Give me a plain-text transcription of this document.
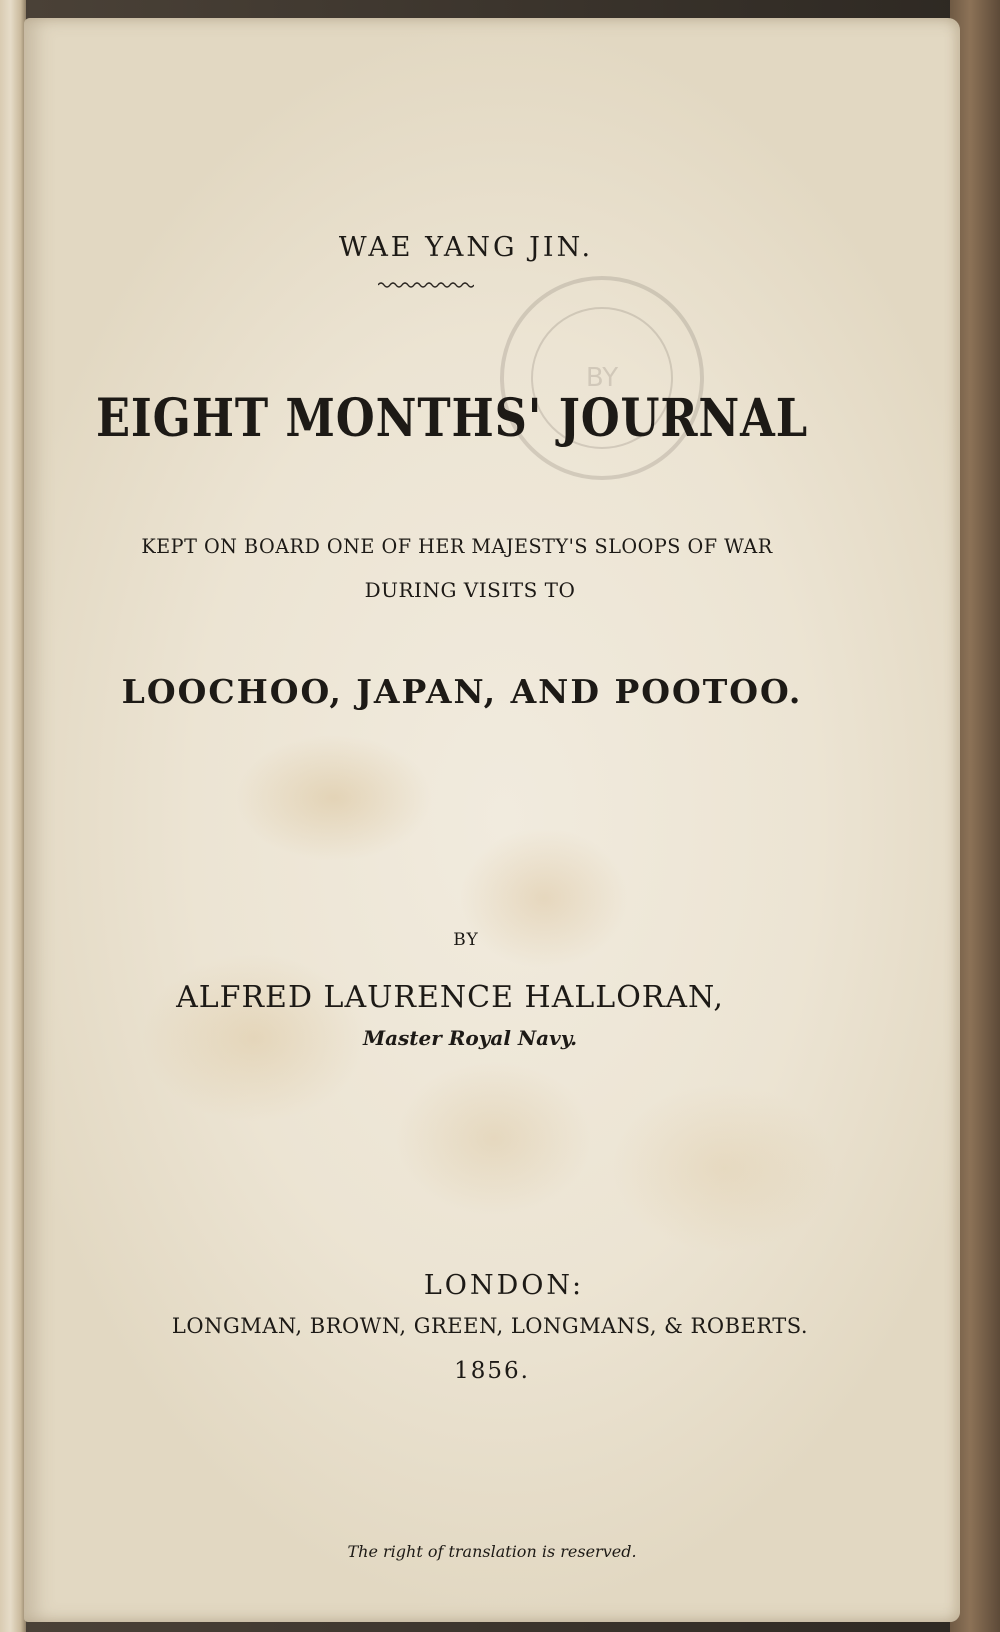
BY
WAE YANG JIN.
EIGHT MONTHS' JOURNAL
KEPT ON BOARD ONE OF HER MAJESTY'S SLOOPS OF WAR
DURING VISITS TO
LOOCHOO, JAPAN, AND POOTOO.
BY
ALFRED LAURENCE HALLORAN,
Master Royal Navy.
LONDON:
LONGMAN, BROWN, GREEN, LONGMANS, & ROBERTS.
1856.
The right of translation is reserved.
